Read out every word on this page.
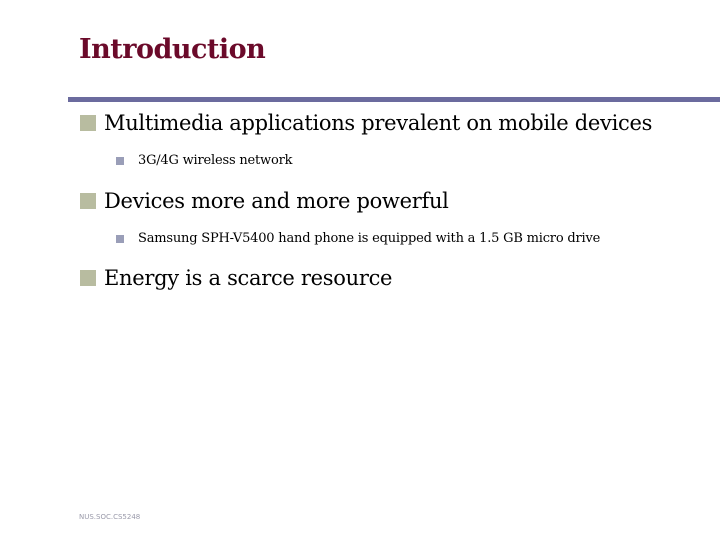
Introduction
Multimedia applications prevalent on mobile devices
3G/4G wireless network
Devices more and more powerful
Samsung SPH-V5400 hand phone is equipped with a 1.5 GB micro drive
Energy is a scarce resource
NUS.SOC.CS5248
